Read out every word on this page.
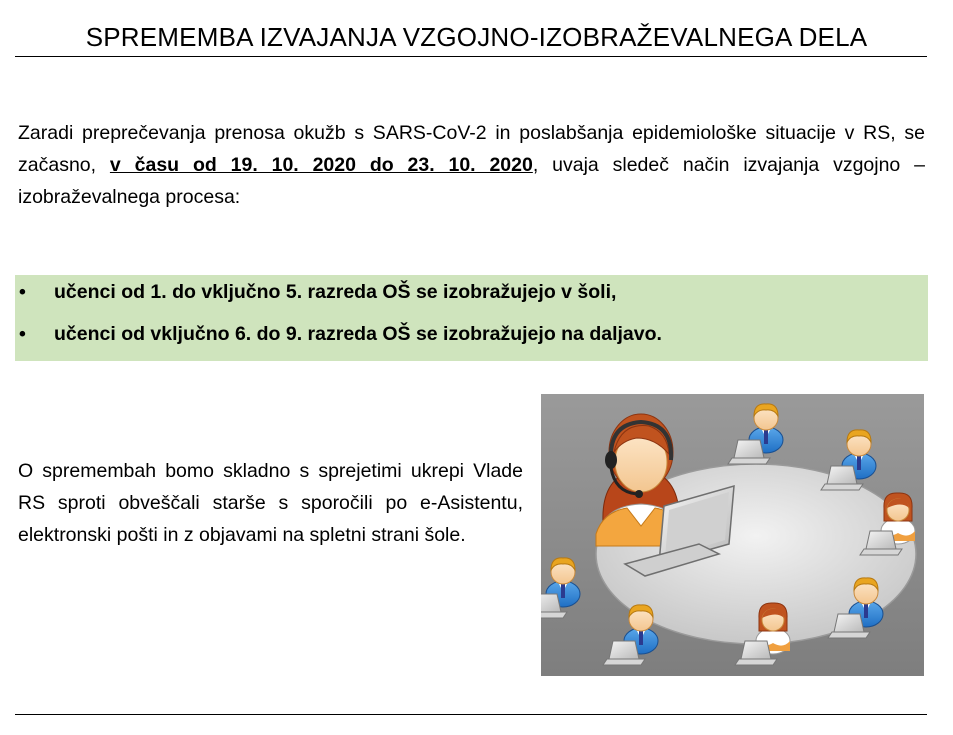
SPREMEMBA IZVAJANJA VZGOJNO-IZOBRAŽEVALNEGA DELA
Zaradi preprečevanja prenosa okužb s SARS-CoV-2 in poslabšanja epidemiološke situacije v RS, se začasno, v času od 19. 10. 2020 do 23. 10. 2020, uvaja sledeč način izvajanja vzgojno – izobraževalnega procesa:
• učenci od 1. do vključno 5. razreda OŠ se izobražujejo v šoli,
• učenci od vključno 6. do 9. razreda OŠ se izobražujejo na daljavo.
O spremembah bomo skladno s sprejetimi ukrepi Vlade RS sproti obveščali starše s sporočili po e-Asistentu, elektronski pošti in z objavami na spletni strani šole.
